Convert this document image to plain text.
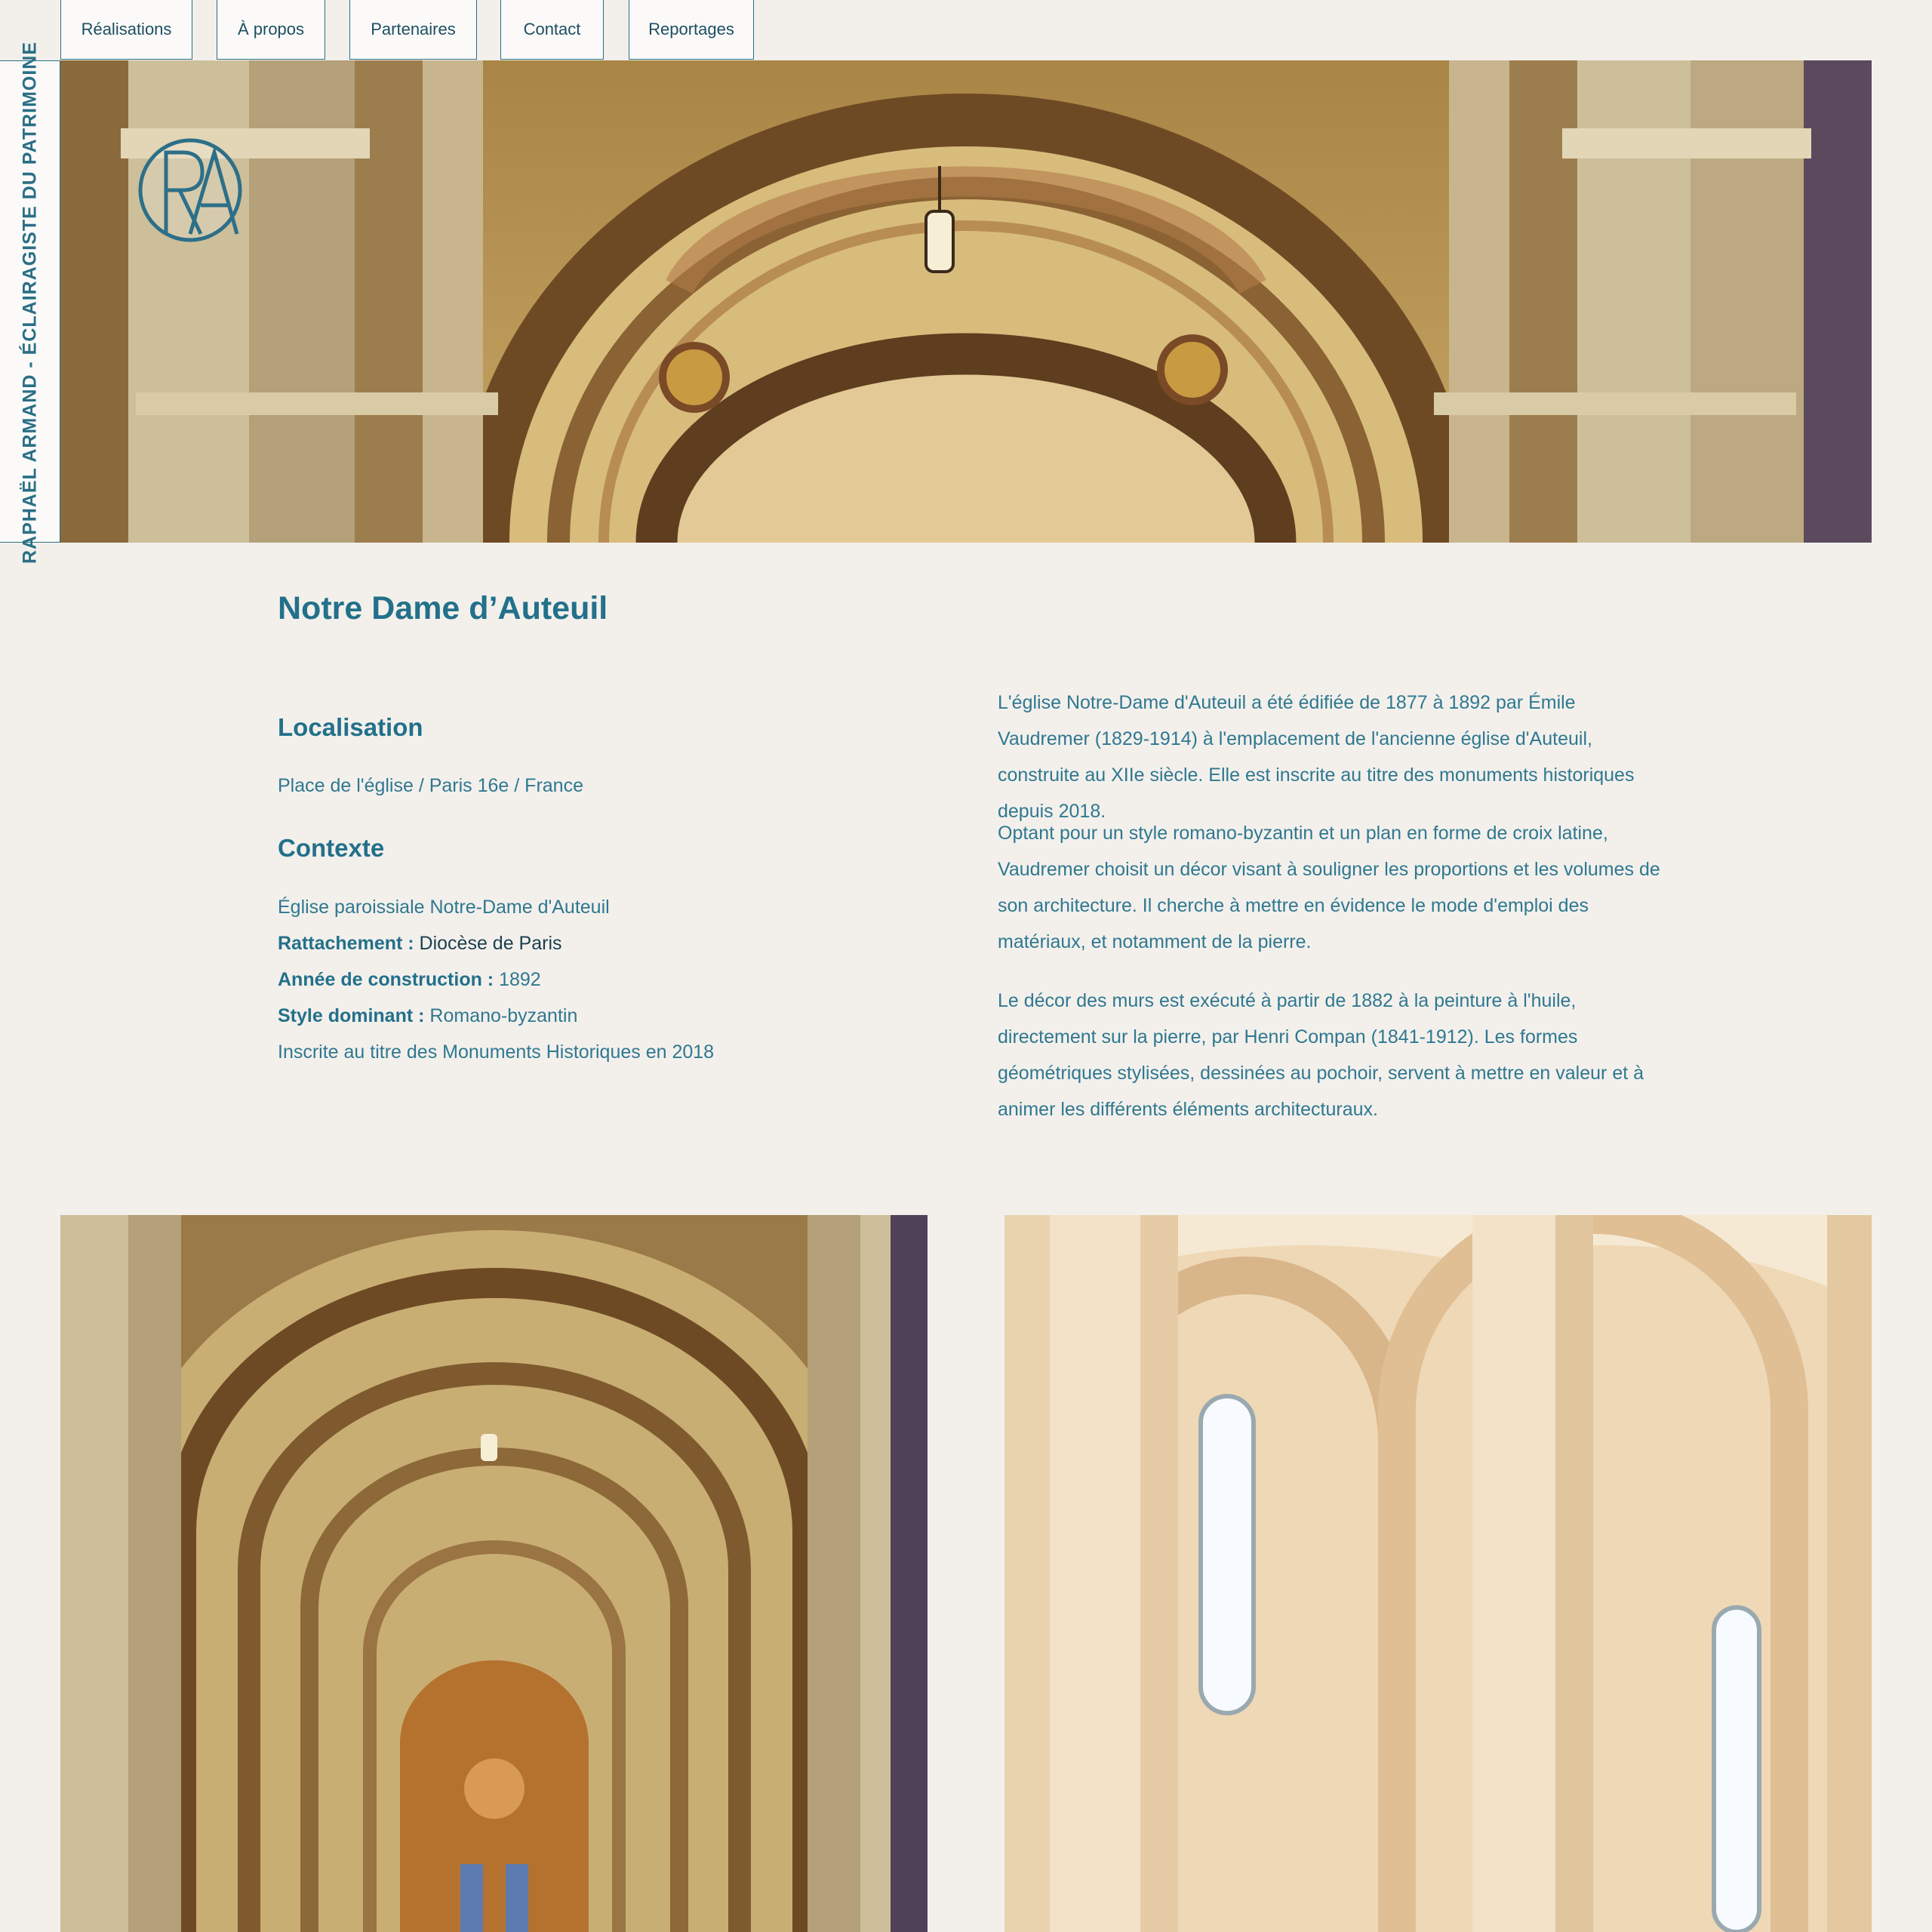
Réalisations	À propos	Partenaires	Contact	Reportages
RAPHAËL ARMAND - ÉCLAIRAGISTE DU PATRIMOINE
Notre Dame d’Auteuil
Localisation
Place de l'église / Paris 16e / France
Contexte
Église paroissiale Notre-Dame d'Auteuil
Rattachement : Diocèse de Paris
Année de construction : 1892
Style dominant : Romano-byzantin
Inscrite au titre des Monuments Historiques en 2018

L'église Notre-Dame d'Auteuil a été édifiée de 1877 à 1892 par Émile Vaudremer (1829-1914) à l'emplacement de l'ancienne église d'Auteuil, construite au XIIe siècle. Elle est inscrite au titre des monuments historiques depuis 2018.

Optant pour un style romano-byzantin et un plan en forme de croix latine, Vaudremer choisit un décor visant à souligner les proportions et les volumes de son architecture. Il cherche à mettre en évidence le mode d'emploi des matériaux, et notamment de la pierre.

Le décor des murs est exécuté à partir de 1882 à la peinture à l'huile, directement sur la pierre, par Henri Compan (1841-1912). Les formes géométriques stylisées, dessinées au pochoir, servent à mettre en valeur et à animer les différents éléments architecturaux.
